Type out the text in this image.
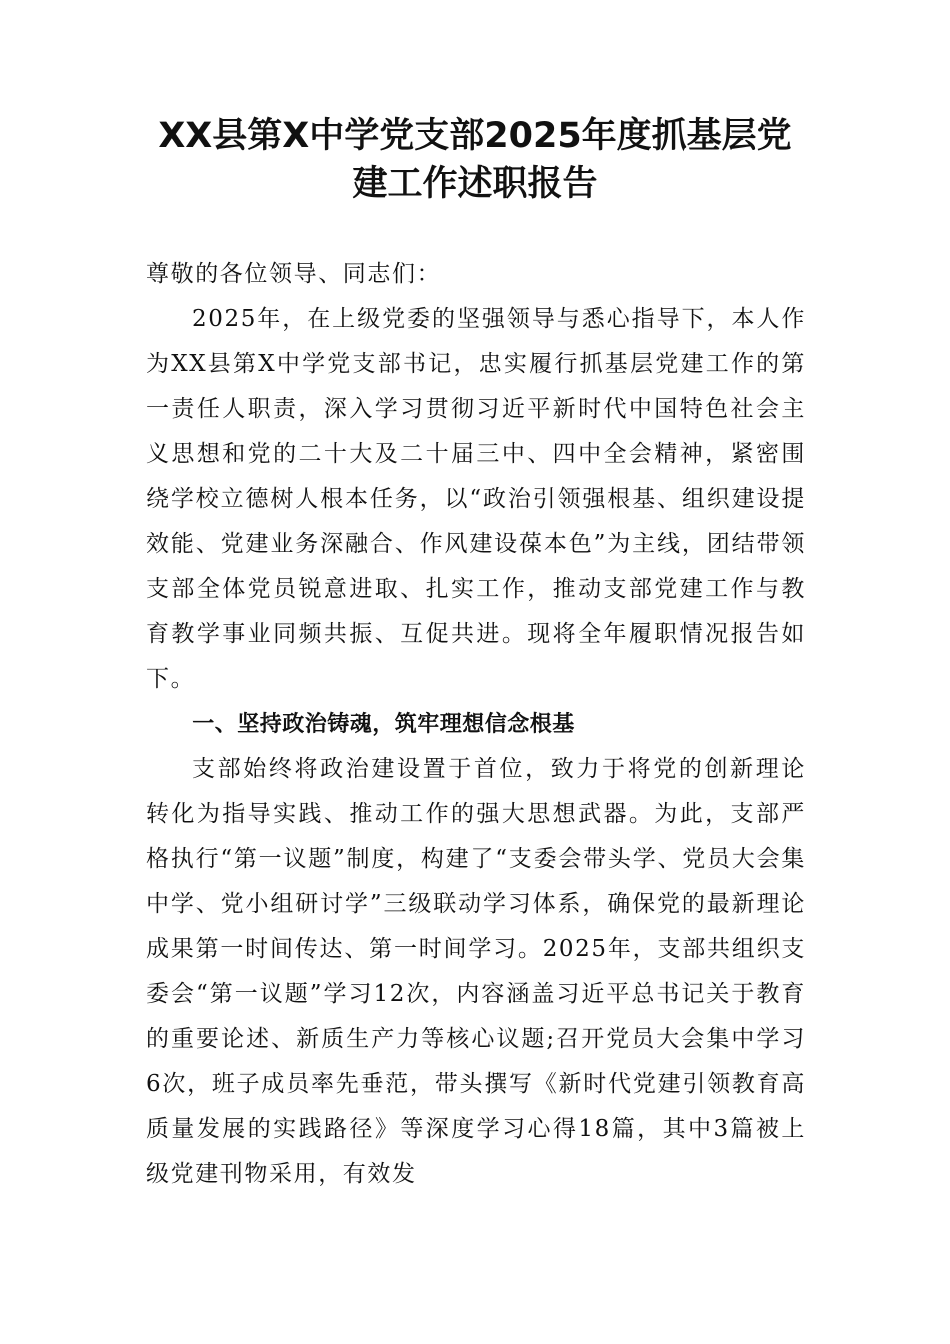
XX县第X中学党支部2025年度抓基层党
建工作述职报告

尊敬的各位领导、同志们：

2025年，在上级党委的坚强领导与悉心指导下，本人作为XX县第X中学党支部书记，忠实履行抓基层党建工作的第一责任人职责，深入学习贯彻习近平新时代中国特色社会主义思想和党的二十大及二十届三中、四中全会精神，紧密围绕学校立德树人根本任务，以“政治引领强根基、组织建设提效能、党建业务深融合、作风建设葆本色”为主线，团结带领支部全体党员锐意进取、扎实工作，推动支部党建工作与教育教学事业同频共振、互促共进。现将全年履职情况报告如下。

一、坚持政治铸魂，筑牢理想信念根基

支部始终将政治建设置于首位，致力于将党的创新理论转化为指导实践、推动工作的强大思想武器。为此，支部严格执行“第一议题”制度，构建了“支委会带头学、党员大会集中学、党小组研讨学”三级联动学习体系，确保党的最新理论成果第一时间传达、第一时间学习。2025年，支部共组织支委会“第一议题”学习12次，内容涵盖习近平总书记关于教育的重要论述、新质生产力等核心议题;召开党员大会集中学习6次，班子成员率先垂范，带头撰写《新时代党建引领教育高质量发展的实践路径》等深度学习心得18篇，其中3篇被上级党建刊物采用，有效发
